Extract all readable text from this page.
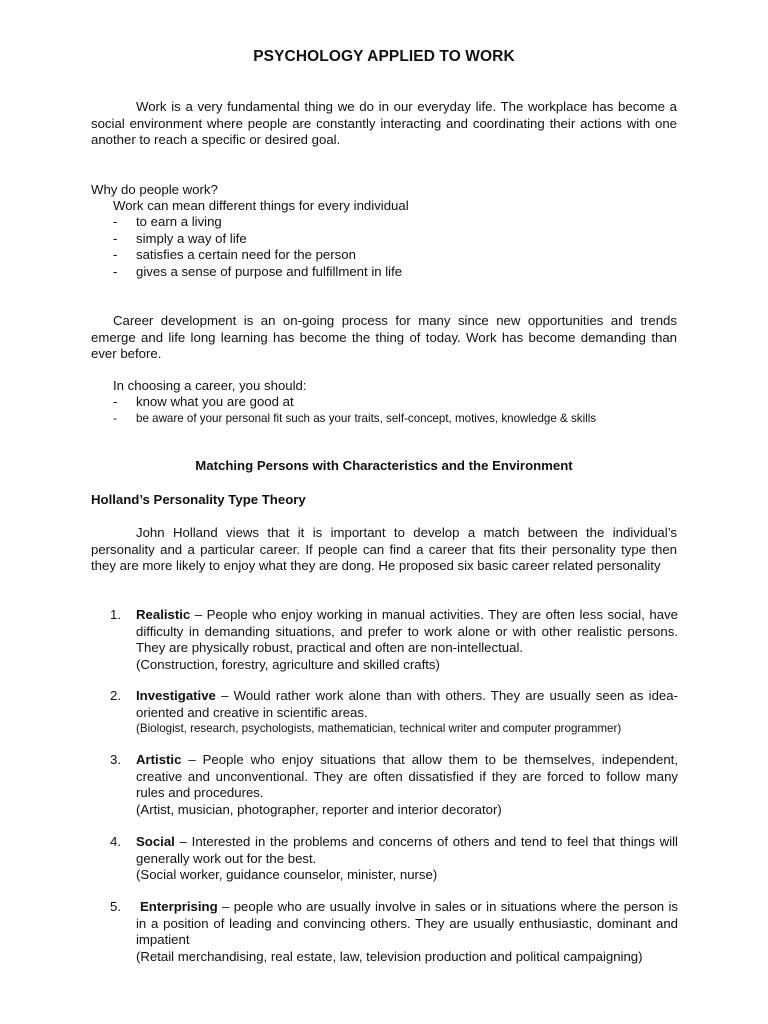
PSYCHOLOGY APPLIED TO WORK
Work is a very fundamental thing we do in our everyday life. The workplace has become a social environment where people are constantly interacting and coordinating their actions with one another to reach a specific or desired goal.
Why do people work?
Work can mean different things for every individual
- to earn a living
- simply a way of life
- satisfies a certain need for the person
- gives a sense of purpose and fulfillment in life
Career development is an on-going process for many since new opportunities and trends emerge and life long learning has become the thing of today. Work has become demanding than ever before.
In choosing a career, you should:
- know what you are good at
- be aware of your personal fit such as your traits, self-concept, motives, knowledge & skills
Matching Persons with Characteristics and the Environment
Holland’s Personality Type Theory
John Holland views that it is important to develop a match between the individual’s personality and a particular career. If people can find a career that fits their personality type then they are more likely to enjoy what they are dong. He proposed six basic career related personality
1.	Realistic – People who enjoy working in manual activities. They are often less social, have difficulty in demanding situations, and prefer to work alone or with other realistic persons. They are physically robust, practical and often are non-intellectual.
(Construction, forestry, agriculture and skilled crafts)
2.	Investigative – Would rather work alone than with others. They are usually seen as idea-oriented and creative in scientific areas.
(Biologist, research, psychologists, mathematician, technical writer and computer programmer)
3.	Artistic – People who enjoy situations that allow them to be themselves, independent, creative and unconventional. They are often dissatisfied if they are forced to follow many rules and procedures.
(Artist, musician, photographer, reporter and interior decorator)
4.	Social – Interested in the problems and concerns of others and tend to feel that things will generally work out for the best.
(Social worker, guidance counselor, minister, nurse)
5.	Enterprising – people who are usually involve in sales or in situations where the person is in a position of leading and convincing others. They are usually enthusiastic, dominant and impatient
(Retail merchandising, real estate, law, television production and political campaigning)
